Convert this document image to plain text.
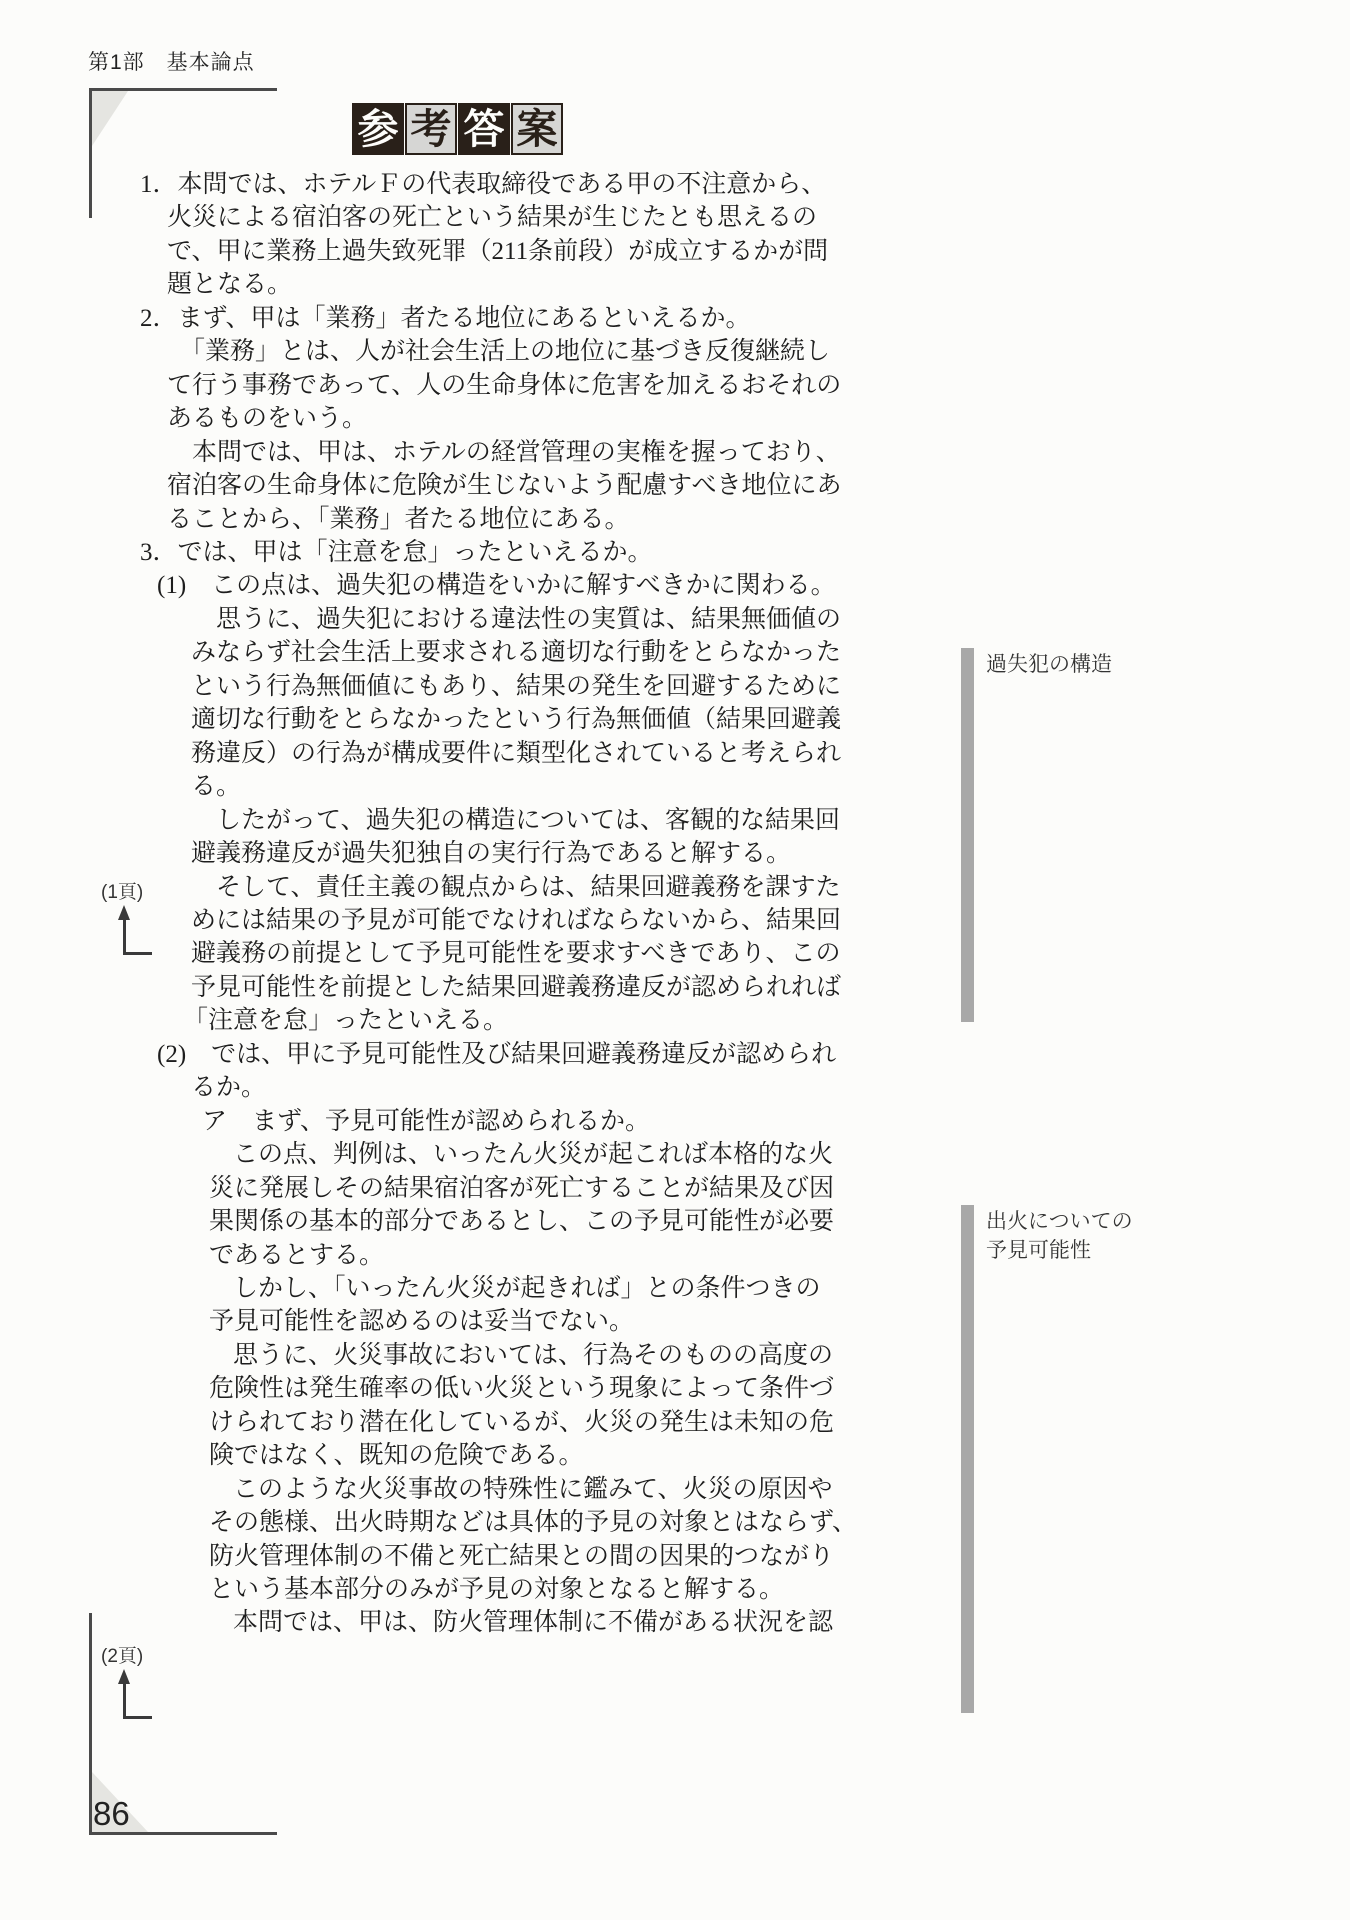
第1部　基本論点
参 考 答 案
1．本問では、ホテルＦの代表取締役である甲の不注意から、
火災による宿泊客の死亡という結果が生じたとも思えるの
で、甲に業務上過失致死罪（211条前段）が成立するかが問
題となる。
2．まず、甲は「業務」者たる地位にあるといえるか。
「業務」とは、人が社会生活上の地位に基づき反復継続し
て行う事務であって、人の生命身体に危害を加えるおそれの
あるものをいう。
本問では、甲は、ホテルの経営管理の実権を握っており、
宿泊客の生命身体に危険が生じないよう配慮すべき地位にあ
ることから、「業務」者たる地位にある。
3．では、甲は「注意を怠」ったといえるか。
(1)　この点は、過失犯の構造をいかに解すべきかに関わる。
思うに、過失犯における違法性の実質は、結果無価値の
みならず社会生活上要求される適切な行動をとらなかった
という行為無価値にもあり、結果の発生を回避するために
適切な行動をとらなかったという行為無価値（結果回避義
務違反）の行為が構成要件に類型化されていると考えられ
る。
したがって、過失犯の構造については、客観的な結果回
避義務違反が過失犯独自の実行行為であると解する。
そして、責任主義の観点からは、結果回避義務を課すた
めには結果の予見が可能でなければならないから、結果回
避義務の前提として予見可能性を要求すべきであり、この
予見可能性を前提とした結果回避義務違反が認められれば
「注意を怠」ったといえる。
(2)　では、甲に予見可能性及び結果回避義務違反が認められ
るか。
ア　まず、予見可能性が認められるか。
この点、判例は、いったん火災が起これば本格的な火
災に発展しその結果宿泊客が死亡することが結果及び因
果関係の基本的部分であるとし、この予見可能性が必要
であるとする。
しかし、「いったん火災が起きれば」との条件つきの
予見可能性を認めるのは妥当でない。
思うに、火災事故においては、行為そのものの高度の
危険性は発生確率の低い火災という現象によって条件づ
けられており潜在化しているが、火災の発生は未知の危
険ではなく、既知の危険である。
このような火災事故の特殊性に鑑みて、火災の原因や
その態様、出火時期などは具体的予見の対象とはならず、
防火管理体制の不備と死亡結果との間の因果的つながり
という基本部分のみが予見の対象となると解する。
本問では、甲は、防火管理体制に不備がある状況を認
過失犯の構造
出火についての
予見可能性
(1頁)
(2頁)
86
